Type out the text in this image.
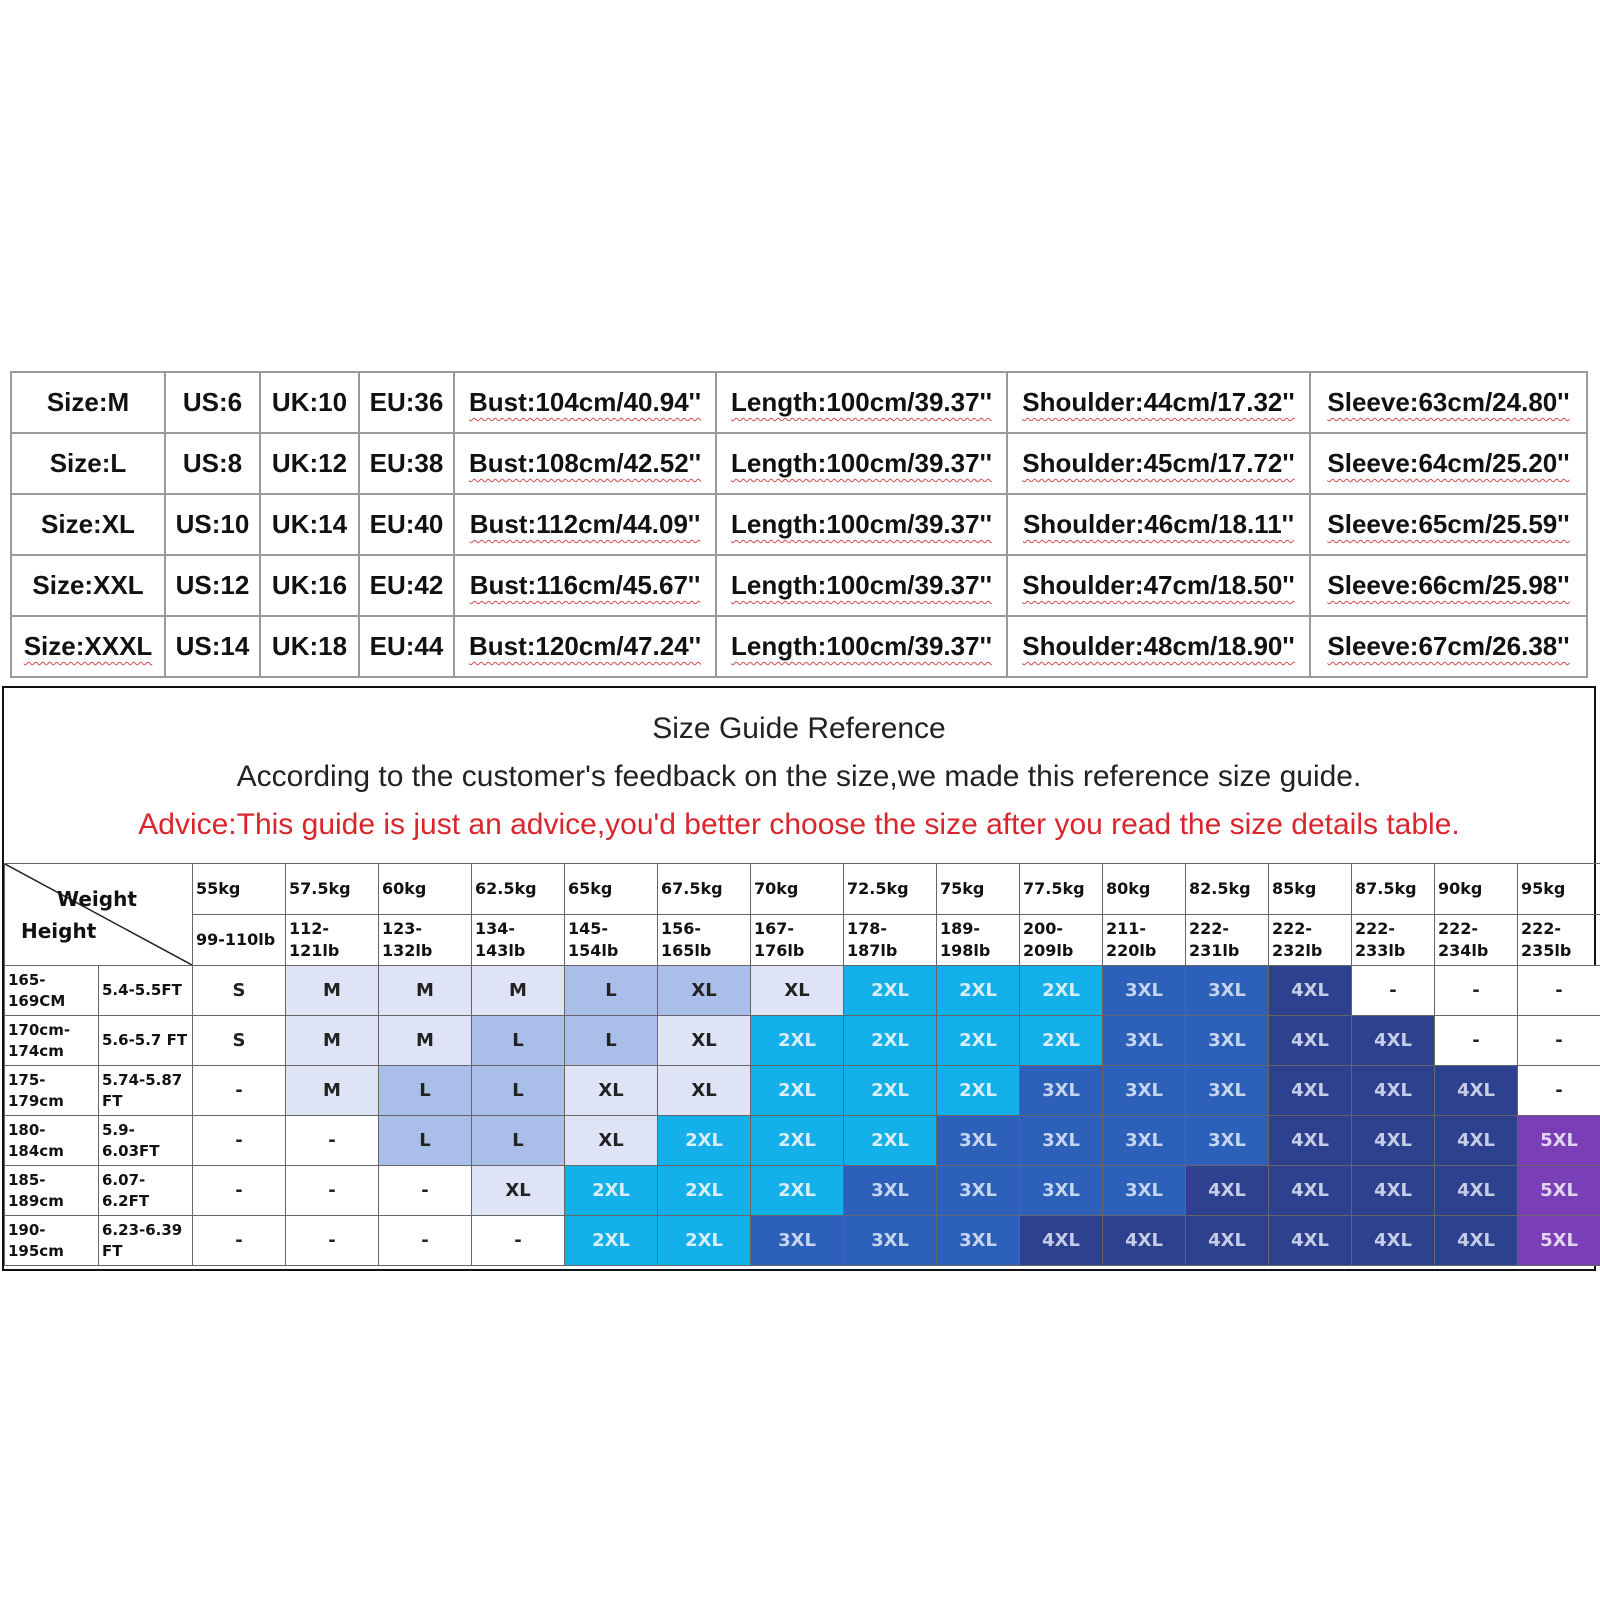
Size:M	US:6	UK:10	EU:36	Bust:104cm/40.94''	Length:100cm/39.37''	Shoulder:44cm/17.32''	Sleeve:63cm/24.80''
Size:L	US:8	UK:12	EU:38	Bust:108cm/42.52''	Length:100cm/39.37''	Shoulder:45cm/17.72''	Sleeve:64cm/25.20''
Size:XL	US:10	UK:14	EU:40	Bust:112cm/44.09''	Length:100cm/39.37''	Shoulder:46cm/18.11''	Sleeve:65cm/25.59''
Size:XXL	US:12	UK:16	EU:42	Bust:116cm/45.67''	Length:100cm/39.37''	Shoulder:47cm/18.50''	Sleeve:66cm/25.98''
Size:XXXL	US:14	UK:18	EU:44	Bust:120cm/47.24''	Length:100cm/39.37''	Shoulder:48cm/18.90''	Sleeve:67cm/26.38''
Size Guide Reference
According to the customer's feedback on the size,we made this reference size guide.
Advice:This guide is just an advice,you'd better choose the size after you read the size details table.
Weight
Height		55kg	57.5kg	60kg	62.5kg	65kg	67.5kg	70kg	72.5kg	75kg	77.5kg	80kg	82.5kg	85kg	87.5kg	90kg	95kg
		99-110lb	112-121lb	123-132lb	134-143lb	145-154lb	156-165lb	167-176lb	178-187lb	189-198lb	200-209lb	211-220lb	222-231lb	222-232lb	222-233lb	222-234lb	222-235lb
165-169CM	5.4-5.5FT	S	M	M	M	L	XL	XL	2XL	2XL	2XL	3XL	3XL	4XL	-	-	-
170cm-174cm	5.6-5.7 FT	S	M	M	L	L	XL	2XL	2XL	2XL	2XL	3XL	3XL	4XL	4XL	-	-
175-179cm	5.74-5.87 FT	-	M	L	L	XL	XL	2XL	2XL	2XL	3XL	3XL	3XL	4XL	4XL	4XL	-
180-184cm	5.9-6.03FT	-	-	L	L	XL	2XL	2XL	2XL	3XL	3XL	3XL	3XL	4XL	4XL	4XL	5XL
185-189cm	6.07-6.2FT	-	-	-	XL	2XL	2XL	2XL	3XL	3XL	3XL	3XL	4XL	4XL	4XL	4XL	5XL
190-195cm	6.23-6.39 FT	-	-	-	-	2XL	2XL	3XL	3XL	3XL	4XL	4XL	4XL	4XL	4XL	4XL	5XL
